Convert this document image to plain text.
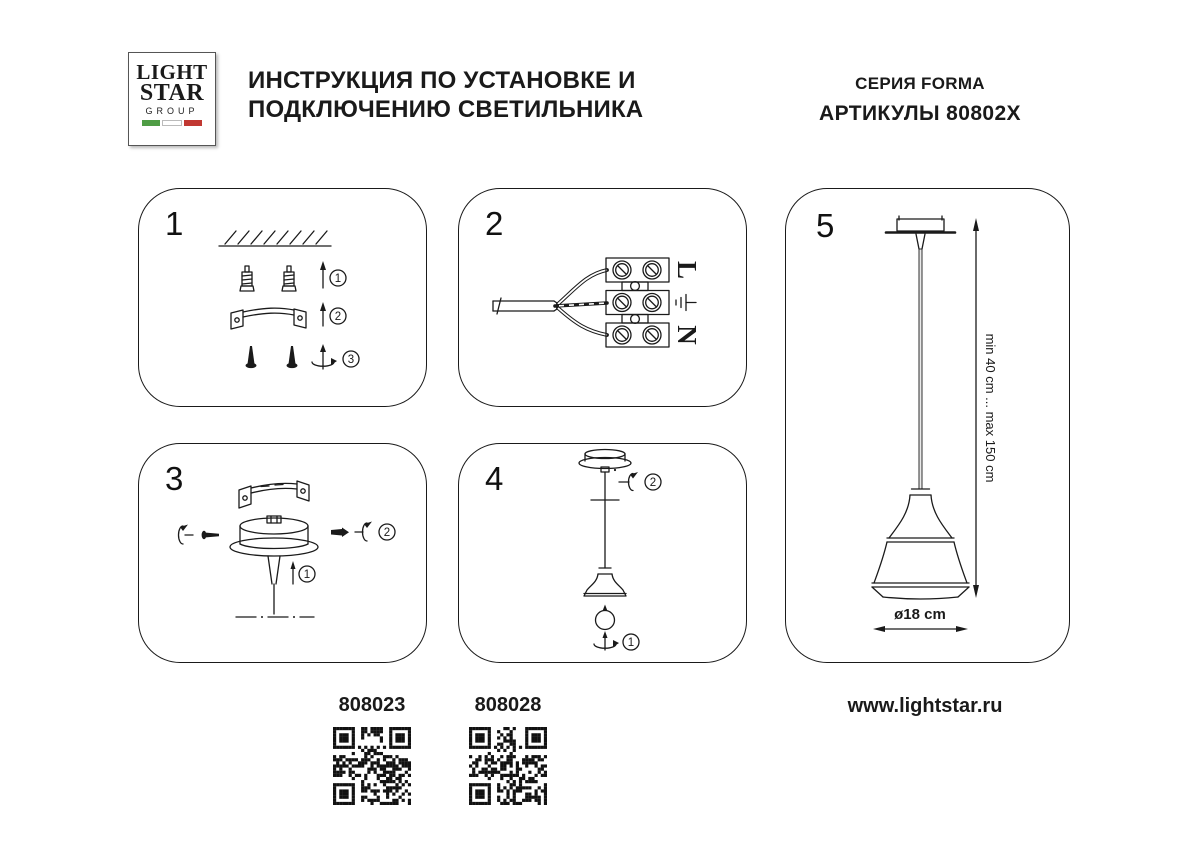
LIGHT
STAR
GROUP
ИНСТРУКЦИЯ ПО УСТАНОВКЕ И
ПОДКЛЮЧЕНИЮ СВЕТИЛЬНИКА
СЕРИЯ FORMA
АРТИКУЛЫ 80802X
1
1
2
3
2
L
N
3
1
2
4	2
1
5
min 40 cm ... max 150 cm
ø18 cm
808023	808028	www.lightstar.ru
